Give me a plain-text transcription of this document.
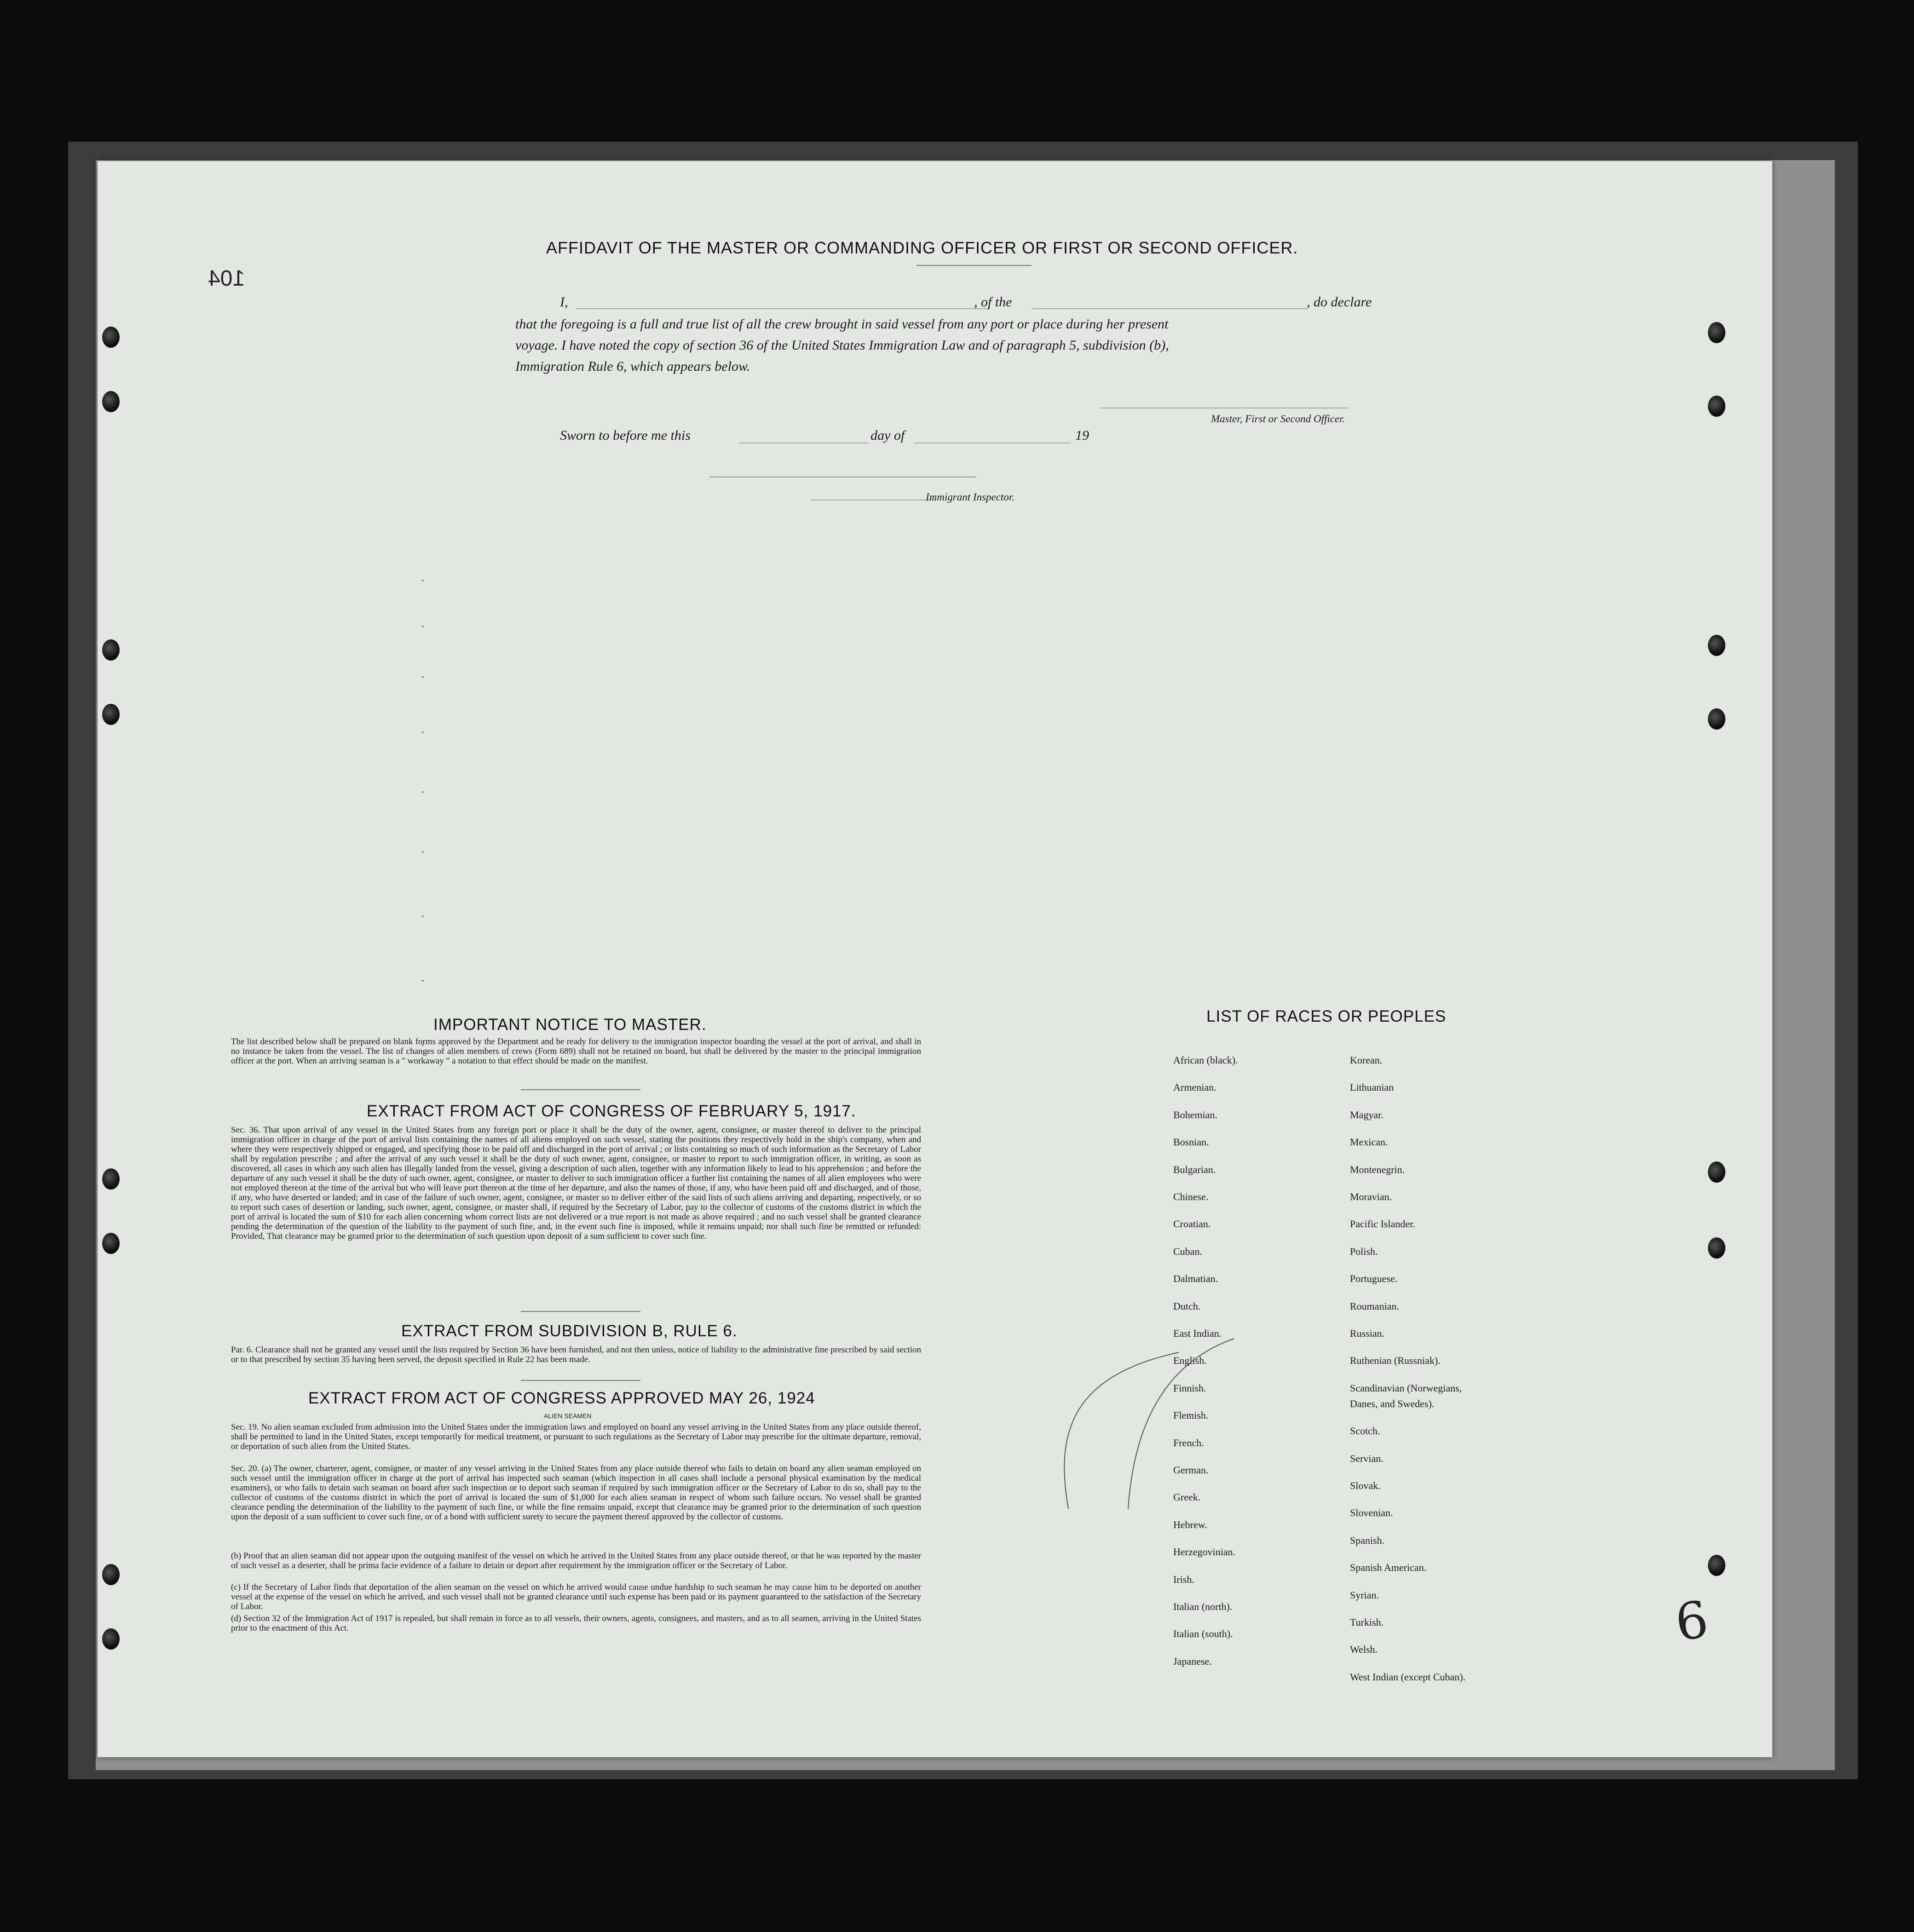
104
AFFIDAVIT OF THE MASTER OR COMMANDING OFFICER OR FIRST OR SECOND OFFICER.
I,	, of the	, do declare
that the foregoing is a full and true list of all the crew brought in said vessel from any port or place during her present
voyage. I have noted the copy of section 36 of the United States Immigration Law and of paragraph 5, subdivision (b),
Immigration Rule 6, which appears below.
Master, First or Second Officer.
Sworn to before me this	day of	19
Immigrant Inspector.
IMPORTANT NOTICE TO MASTER.
The list described below shall be prepared on blank forms approved by the Department and be ready for delivery to the immigration inspector boarding the vessel at the port of arrival, and shall in no instance be taken from the vessel. The list of changes of alien members of crews (Form 689) shall not be retained on board, but shall be delivered by the master to the principal immigration officer at the port. When an arriving seaman is a " workaway " a notation to that effect should be made on the manifest.
EXTRACT FROM ACT OF CONGRESS OF FEBRUARY 5, 1917.
Sec. 36. That upon arrival of any vessel in the United States from any foreign port or place it shall be the duty of the owner, agent, consignee, or master thereof to deliver to the principal immigration officer in charge of the port of arrival lists containing the names of all aliens employed on such vessel, stating the positions they respectively hold in the ship's company, when and where they were respectively shipped or engaged, and specifying those to be paid off and discharged in the port of arrival ; or lists containing so much of such information as the Secretary of Labor shall by regulation prescribe ; and after the arrival of any such vessel it shall be the duty of such owner, agent, consignee, or master to report to such immigration officer, in writing, as soon as discovered, all cases in which any such alien has illegally landed from the vessel, giving a description of such alien, together with any information likely to lead to his apprehension ; and before the departure of any such vessel it shall be the duty of such owner, agent, consignee, or master to deliver to such immigration officer a further list containing the names of all alien employees who were not employed thereon at the time of the arrival but who will leave port thereon at the time of her departure, and also the names of those, if any, who have been paid off and discharged, and of those, if any, who have deserted or landed; and in case of the failure of such owner, agent, consignee, or master so to deliver either of the said lists of such aliens arriving and departing, respectively, or so to report such cases of desertion or landing, such owner, agent, consignee, or master shall, if required by the Secretary of Labor, pay to the collector of customs of the customs district in which the port of arrival is located the sum of $10 for each alien concerning whom correct lists are not delivered or a true report is not made as above required ; and no such vessel shall be granted clearance pending the determination of the question of the liability to the payment of such fine, and, in the event such fine is imposed, while it remains unpaid; nor shall such fine be remitted or refunded: Provided, That clearance may be granted prior to the determination of such question upon deposit of a sum sufficient to cover such fine.
EXTRACT FROM SUBDIVISION B, RULE 6.
Par. 6. Clearance shall not be granted any vessel until the lists required by Section 36 have been furnished, and not then unless, notice of liability to the administrative fine prescribed by said section or to that prescribed by section 35 having been served, the deposit specified in Rule 22 has been made.
EXTRACT FROM ACT OF CONGRESS APPROVED MAY 26, 1924
ALIEN SEAMEN
Sec. 19. No alien seaman excluded from admission into the United States under the immigration laws and employed on board any vessel arriving in the United States from any place outside thereof, shall be permitted to land in the United States, except temporarily for medical treatment, or pursuant to such regulations as the Secretary of Labor may prescribe for the ultimate departure, removal, or deportation of such alien from the United States.
Sec. 20. (a) The owner, charterer, agent, consignee, or master of any vessel arriving in the United States from any place outside thereof who fails to detain on board any alien seaman employed on such vessel until the immigration officer in charge at the port of arrival has inspected such seaman (which inspection in all cases shall include a personal physical examination by the medical examiners), or who fails to detain such seaman on board after such inspection or to deport such seaman if required by such immigration officer or the Secretary of Labor to do so, shall pay to the collector of customs of the customs district in which the port of arrival is located the sum of $1,000 for each alien seaman in respect of whom such failure occurs. No vessel shall be granted clearance pending the determination of the liability to the payment of such fine, or while the fine remains unpaid, except that clearance may be granted prior to the determination of such question upon the deposit of a sum sufficient to cover such fine, or of a bond with sufficient surety to secure the payment thereof approved by the collector of customs.
(b) Proof that an alien seaman did not appear upon the outgoing manifest of the vessel on which he arrived in the United States from any place outside thereof, or that he was reported by the master of such vessel as a deserter, shall be prima facie evidence of a failure to detain or deport after requirement by the immigration officer or the Secretary of Labor.
(c) If the Secretary of Labor finds that deportation of the alien seaman on the vessel on which he arrived would cause undue hardship to such seaman he may cause him to be deported on another vessel at the expense of the vessel on which he arrived, and such vessel shall not be granted clearance until such expense has been paid or its payment guaranteed to the satisfaction of the Secretary of Labor.
(d) Section 32 of the Immigration Act of 1917 is repealed, but shall remain in force as to all vessels, their owners, agents, consignees, and masters, and as to all seamen, arriving in the United States prior to the enactment of this Act.
LIST OF RACES OR PEOPLES
African (black).
Armenian.
Bohemian.
Bosnian.
Bulgarian.
Chinese.
Croatian.
Cuban.
Dalmatian.
Dutch.
East Indian.
English.
Finnish.
Flemish.
French.
German.
Greek.
Hebrew.
Herzegovinian.
Irish.
Italian (north).
Italian (south).
Japanese.
Korean.
Lithuanian
Magyar.
Mexican.
Montenegrin.
Moravian.
Pacific Islander.
Polish.
Portuguese.
Roumanian.
Russian.
Ruthenian (Russniak).
Scandinavian (Norwegians,
Danes, and Swedes).
Scotch.
Servian.
Slovak.
Slovenian.
Spanish.
Spanish American.
Syrian.
Turkish.
Welsh.
West Indian (except Cuban).
6
